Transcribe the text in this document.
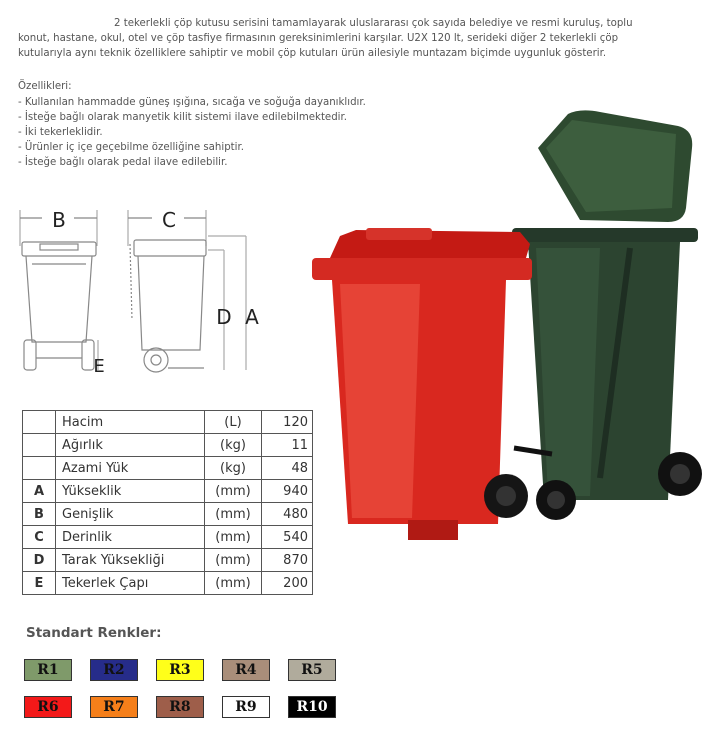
2 tekerlekli çöp kutusu serisini tamamlayarak uluslararası çok sayıda belediye ve resmi kuruluş, toplu
konut, hastane, okul, otel ve çöp tasfiye firmasının gereksinimlerini karşılar. U2X 120 lt, serideki diğer 2 tekerlekli çöp
kutularıyla aynı teknik özelliklere sahiptir ve mobil çöp kutuları ürün ailesiyle muntazam biçimde uygunluk gösterir.
Özellikleri:
- Kullanılan hammadde güneş ışığına, sıcağa ve soğuğa dayanıklıdır.
- İsteğe bağlı olarak manyetik kilit sistemi ilave edilebilmektedir.
- İki tekerleklidir.
- Ürünler iç içe geçebilme özelliğine sahiptir.
- İsteğe bağlı olarak pedal ilave edilebilir.
B	C
D A
E
	Hacim	(L)	120
	Ağırlık	(kg)	11
	Azami Yük	(kg)	48
A	Yükseklik	(mm)	940
B	Genişlik	(mm)	480
C	Derinlik	(mm)	540
D	Tarak Yüksekliği	(mm)	870
E	Tekerlek Çapı	(mm)	200
Standart Renkler:
R1	R2	R3	R4	R5
R6	R7	R8	R9	R10
